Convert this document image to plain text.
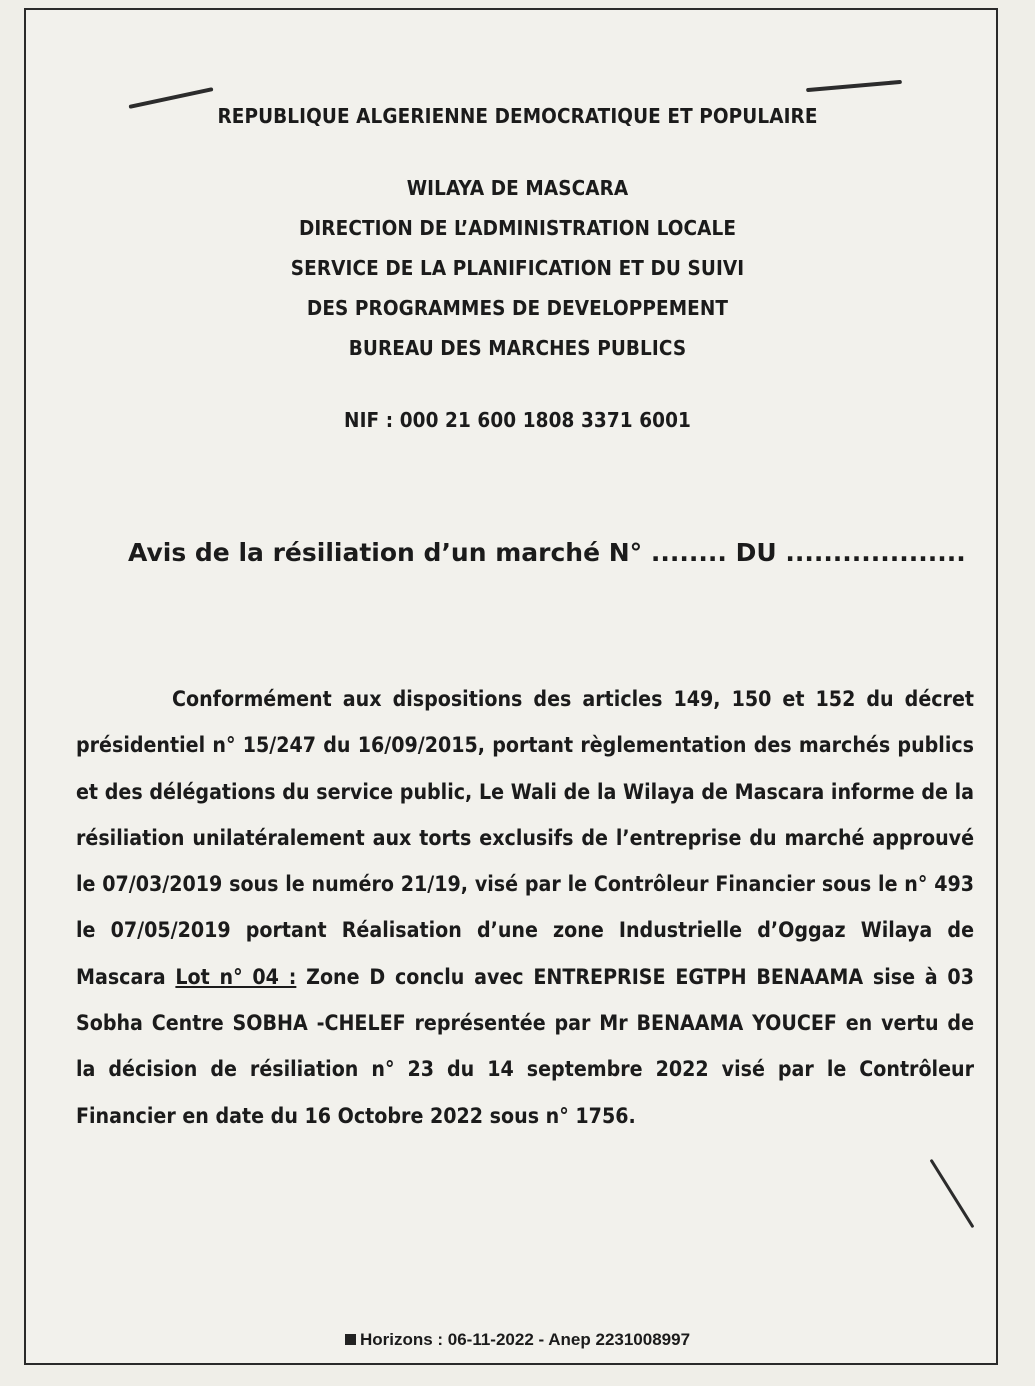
REPUBLIQUE ALGERIENNE DEMOCRATIQUE ET POPULAIRE
WILAYA DE MASCARA
DIRECTION DE L’ADMINISTRATION LOCALE
SERVICE DE LA PLANIFICATION ET DU SUIVI
DES PROGRAMMES DE DEVELOPPEMENT
BUREAU DES MARCHES PUBLICS
NIF : 000 21 600 1808 3371 6001
Avis de la résiliation d’un marché N° ........ DU ...................
Conformément aux dispositions des articles 149, 150 et 152 du décret présidentiel n° 15/247 du 16/09/2015, portant règlementation des marchés publics et des délégations du service public, Le Wali de la Wilaya de Mascara informe de la résiliation unilatéralement aux torts exclusifs de l’entreprise du marché approuvé le 07/03/2019 sous le numéro 21/19, visé par le Contrôleur Financier sous le n° 493 le 07/05/2019 portant Réalisation d’une zone Industrielle d’Oggaz Wilaya de Mascara Lot n° 04 : Zone D conclu avec ENTREPRISE EGTPH BENAAMA sise à 03 Sobha Centre SOBHA -CHELEF représentée par Mr BENAAMA YOUCEF en vertu de la décision de résiliation n° 23 du 14 septembre 2022 visé par le Contrôleur Financier en date du 16 Octobre 2022 sous n° 1756.
Horizons : 06-11-2022 - Anep 2231008997
